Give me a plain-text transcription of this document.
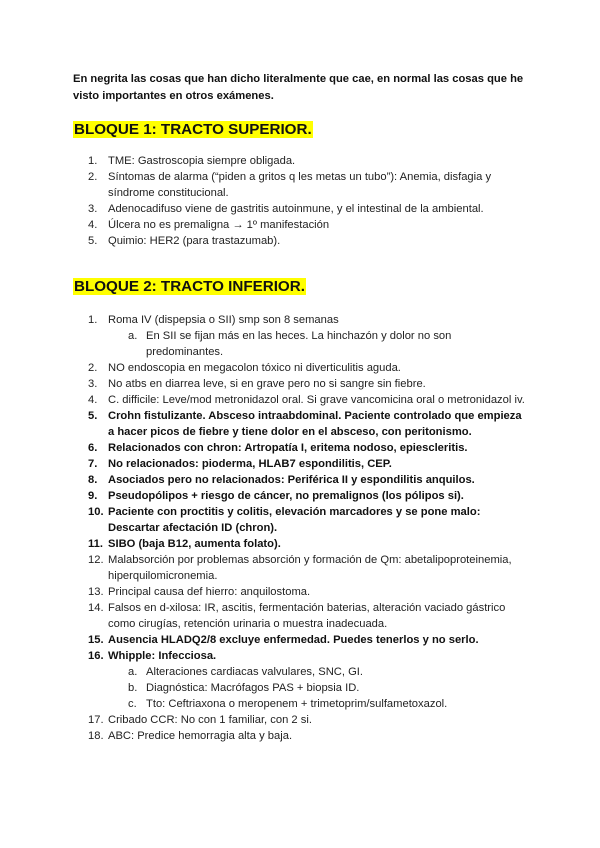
En negrita las cosas que han dicho literalmente que cae, en normal las cosas que he visto importantes en otros exámenes.
BLOQUE 1: TRACTO SUPERIOR.
1. TME: Gastroscopia siempre obligada.
2. Síntomas de alarma (“piden a gritos q les metas un tubo”): Anemia, disfagia y síndrome constitucional.
3. Adenocadifuso viene de gastritis autoinmune, y el intestinal de la ambiental.
4. Úlcera no es premaligna → 1º manifestación
5. Quimio: HER2 (para trastazumab).
BLOQUE 2: TRACTO INFERIOR.
1. Roma IV (dispepsia o SII) smp son 8 semanas
a. En SII se fijan más en las heces. La hinchazón y dolor no son predominantes.
2. NO endoscopia en megacolon tóxico ni diverticulitis aguda.
3. No atbs en diarrea leve, si en grave pero no si sangre sin fiebre.
4. C. difficile: Leve/mod metronidazol oral. Si grave vancomicina oral o metronidazol iv.
5. Crohn fistulizante. Absceso intraabdominal. Paciente controlado que empieza a hacer picos de fiebre y tiene dolor en el absceso, con peritonismo.
6. Relacionados con chron: Artropatía I, eritema nodoso, epiescleritis.
7. No relacionados: pioderma, HLAB7 espondilitis, CEP.
8. Asociados pero no relacionados: Periférica II y espondilitis anquilos.
9. Pseudopólipos + riesgo de cáncer, no premalignos (los pólipos si).
10. Paciente con proctitis y colitis, elevación marcadores y se pone malo: Descartar afectación ID (chron).
11. SIBO (baja B12, aumenta folato).
12. Malabsorción por problemas absorción y formación de Qm: abetalipoproteinemia, hiperquilomicronemia.
13. Principal causa def hierro: anquilostoma.
14. Falsos en d-xilosa: IR, ascitis, fermentación baterias, alteración vaciado gástrico como cirugías, retención urinaria o muestra inadecuada.
15. Ausencia HLADQ2/8 excluye enfermedad. Puedes tenerlos y no serlo.
16. Whipple: Infecciosa.
a. Alteraciones cardiacas valvulares, SNC, GI.
b. Diagnóstica: Macrófagos PAS + biopsia ID.
c. Tto: Ceftriaxona o meropenem + trimetoprim/sulfametoxazol.
17. Cribado CCR: No con 1 familiar, con 2 si.
18. ABC: Predice hemorragia alta y baja.
